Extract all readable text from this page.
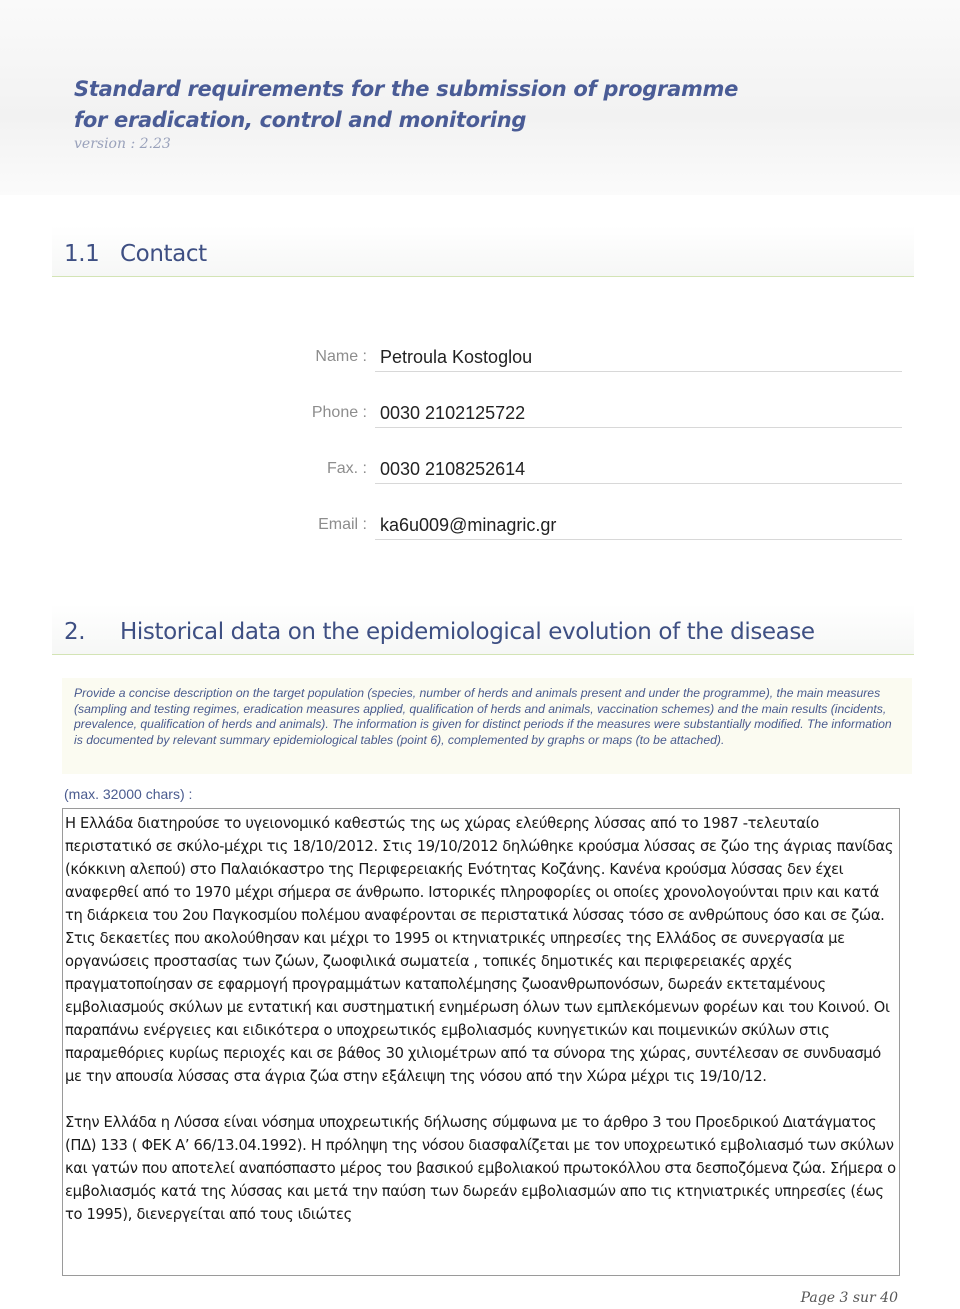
Standard requirements for the submission of programme
for eradication, control and monitoring
version : 2.23
1.1 Contact
Name : Petroula Kostoglou
Phone : 0030 2102125722
Fax. : 0030 2108252614
Email : ka6u009@minagric.gr
2. Historical data on the epidemiological evolution of the disease
Provide a concise description on the target population (species, number of herds and animals present and under the programme), the main measures (sampling and testing regimes, eradication measures applied, qualification of herds and animals, vaccination schemes) and the main results (incidents, prevalence, qualification of herds and animals). The information is given for distinct periods if the measures were substantially modified. The information is documented by relevant summary epidemiological tables (point 6), complemented by graphs or maps (to be attached).
(max. 32000 chars) :

Η Ελλάδα διατηρούσε το υγειονομικό καθεστώς της ως χώρας ελεύθερης λύσσας από το 1987 -τελευταίο περιστατικό σε σκύλο-μέχρι τις 18/10/2012. Στις 19/10/2012 δηλώθηκε κρούσμα λύσσας σε ζώο της άγριας πανίδας (κόκκινη αλεπού) στο Παλαιόκαστρο της Περιφερειακής Ενότητας Κοζάνης. Κανένα κρούσμα λύσσας δεν έχει αναφερθεί από το 1970 μέχρι σήμερα σε άνθρωπο. Ιστορικές πληροφορίες οι οποίες χρονολογούνται πριν και κατά τη διάρκεια του 2ου Παγκοσμίου πολέμου αναφέρονται σε περιστατικά λύσσας τόσο σε ανθρώπους όσο και σε ζώα. Στις δεκαετίες που ακολούθησαν και μέχρι το 1995 οι κτηνιατρικές υπηρεσίες της Ελλάδος σε συνεργασία με οργανώσεις προστασίας των ζώων, ζωοφιλικά σωματεία , τοπικές δημοτικές και περιφερειακές αρχές πραγματοποίησαν σε εφαρμογή προγραμμάτων καταπολέμησης ζωοανθρωπονόσων, δωρεάν εκτεταμένους εμβολιασμούς σκύλων με εντατική και συστηματική ενημέρωση όλων των εμπλεκόμενων φορέων και του Κοινού. Οι παραπάνω ενέργειες και ειδικότερα ο υποχρεωτικός εμβολιασμός κυνηγετικών και ποιμενικών σκύλων στις παραμεθόριες κυρίως περιοχές και σε βάθος 30 χιλιομέτρων από τα σύνορα της χώρας, συντέλεσαν σε συνδυασμό με την απουσία λύσσας στα άγρια ζώα στην εξάλειψη της νόσου από την Χώρα μέχρι τις 19/10/12.

Στην Ελλάδα η Λύσσα είναι νόσημα υποχρεωτικής δήλωσης σύμφωνα με το άρθρο 3 του Προεδρικού Διατάγματος (ΠΔ) 133 ( ΦΕΚ Α’ 66/13.04.1992). Η πρόληψη της νόσου διασφαλίζεται με τον υποχρεωτικό εμβολιασμό των σκύλων και γατών που αποτελεί αναπόσπαστο μέρος του βασικού εμβολιακού πρωτοκόλλου στα δεσποζόμενα ζώα. Σήμερα ο εμβολιασμός κατά της λύσσας και μετά την παύση των δωρεάν εμβολιασμών απο τις κτηνιατρικές υπηρεσίες (έως το 1995), διενεργείται από τους ιδιώτες

Page 3 sur 40
